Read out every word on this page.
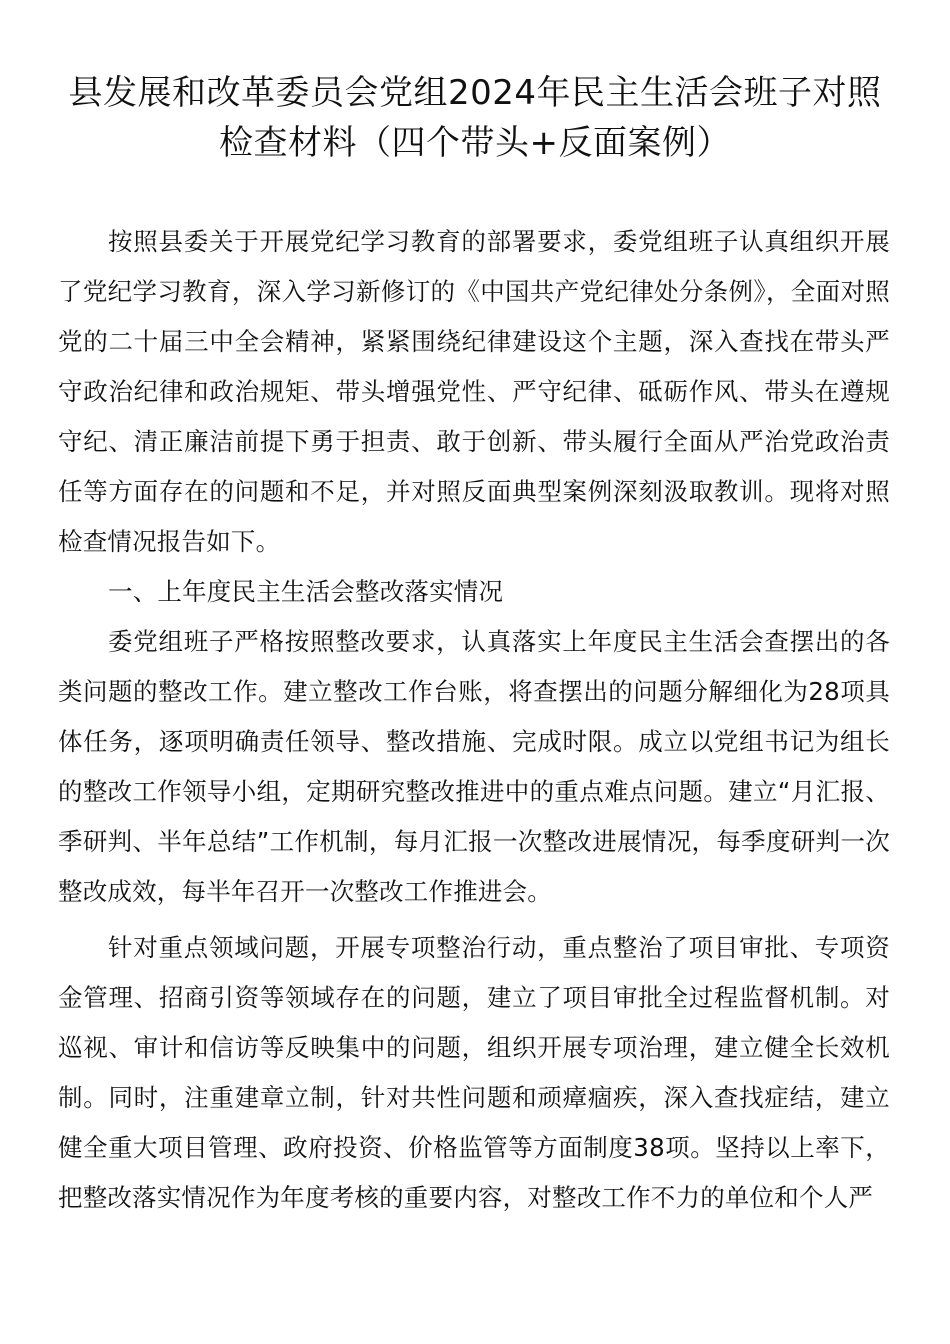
县发展和改革委员会党组2024年民主生活会班子对照检查材料（四个带头+反面案例）

按照县委关于开展党纪学习教育的部署要求，委党组班子认真组织开展了党纪学习教育，深入学习新修订的《中国共产党纪律处分条例》，全面对照党的二十届三中全会精神，紧紧围绕纪律建设这个主题，深入查找在带头严守政治纪律和政治规矩、带头增强党性、严守纪律、砥砺作风、带头在遵规守纪、清正廉洁前提下勇于担责、敢于创新、带头履行全面从严治党政治责任等方面存在的问题和不足，并对照反面典型案例深刻汲取教训。现将对照检查情况报告如下。

一、上年度民主生活会整改落实情况

委党组班子严格按照整改要求，认真落实上年度民主生活会查摆出的各类问题的整改工作。建立整改工作台账，将查摆出的问题分解细化为28项具体任务，逐项明确责任领导、整改措施、完成时限。成立以党组书记为组长的整改工作领导小组，定期研究整改推进中的重点难点问题。建立“月汇报、季研判、半年总结”工作机制，每月汇报一次整改进展情况，每季度研判一次整改成效，每半年召开一次整改工作推进会。

针对重点领域问题，开展专项整治行动，重点整治了项目审批、专项资金管理、招商引资等领域存在的问题，建立了项目审批全过程监督机制。对巡视、审计和信访等反映集中的问题，组织开展专项治理，建立健全长效机制。同时，注重建章立制，针对共性问题和顽瘴痼疾，深入查找症结，建立健全重大项目管理、政府投资、价格监管等方面制度38项。坚持以上率下，把整改落实情况作为年度考核的重要内容，对整改工作不力的单位和个人严
